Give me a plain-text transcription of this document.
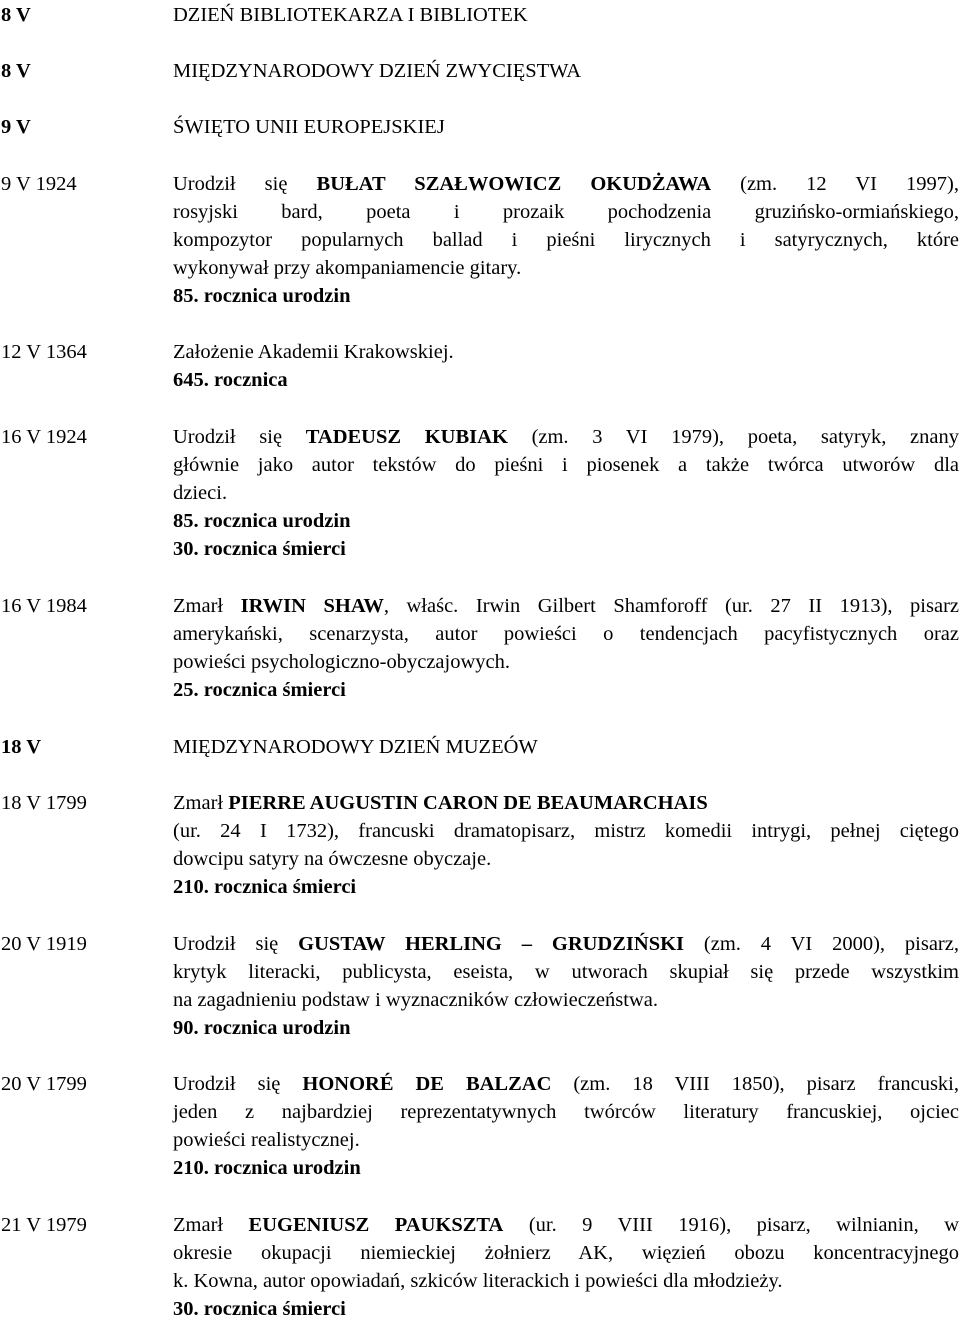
8 V	DZIEŃ BIBLIOTEKARZA I BIBLIOTEK
8 V	MIĘDZYNARODOWY DZIEŃ ZWYCIĘSTWA
9 V	ŚWIĘTO UNII EUROPEJSKIEJ
9 V 1924	Urodził się BUŁAT SZAŁWOWICZ OKUDŻAWA (zm. 12 VI 1997),

rosyjski bard, poeta i prozaik pochodzenia gruzińsko-ormiańskiego,

kompozytor popularnych ballad i pieśni lirycznych i satyrycznych, które

wykonywał przy akompaniamencie gitary.

85. rocznica urodzin
12 V 1364	Założenie Akademii Krakowskiej.

645. rocznica
16 V 1924	Urodził się TADEUSZ KUBIAK (zm. 3 VI 1979), poeta, satyryk, znany

głównie jako autor tekstów do pieśni i piosenek a także twórca utworów dla

dzieci.

85. rocznica urodzin
30. rocznica śmierci
16 V 1984	Zmarł IRWIN SHAW, właśc. Irwin Gilbert Shamforoff (ur. 27 II 1913), pisarz

amerykański, scenarzysta, autor powieści o tendencjach pacyfistycznych oraz

powieści psychologiczno-obyczajowych.

25. rocznica śmierci
18 V	MIĘDZYNARODOWY DZIEŃ MUZEÓW
18 V 1799	Zmarł PIERRE AUGUSTIN CARON DE BEAUMARCHAIS

(ur. 24 I 1732), francuski dramatopisarz, mistrz komedii intrygi, pełnej ciętego

dowcipu satyry na ówczesne obyczaje.

210. rocznica śmierci
20 V 1919	Urodził się GUSTAW HERLING – GRUDZIŃSKI (zm. 4 VI 2000), pisarz,

krytyk literacki, publicysta, eseista, w utworach skupiał się przede wszystkim

na zagadnieniu podstaw i wyznaczników człowieczeństwa.

90. rocznica urodzin
20 V 1799	Urodził się HONORÉ DE BALZAC (zm. 18 VIII 1850), pisarz francuski,

jeden z najbardziej reprezentatywnych twórców literatury francuskiej, ojciec

powieści realistycznej.

210. rocznica urodzin
21 V 1979	Zmarł EUGENIUSZ PAUKSZTA (ur. 9 VIII 1916), pisarz, wilnianin, w

okresie okupacji niemieckiej żołnierz AK, więzień obozu koncentracyjnego

k. Kowna, autor opowiadań, szkiców literackich i powieści dla młodzieży.

30. rocznica śmierci
